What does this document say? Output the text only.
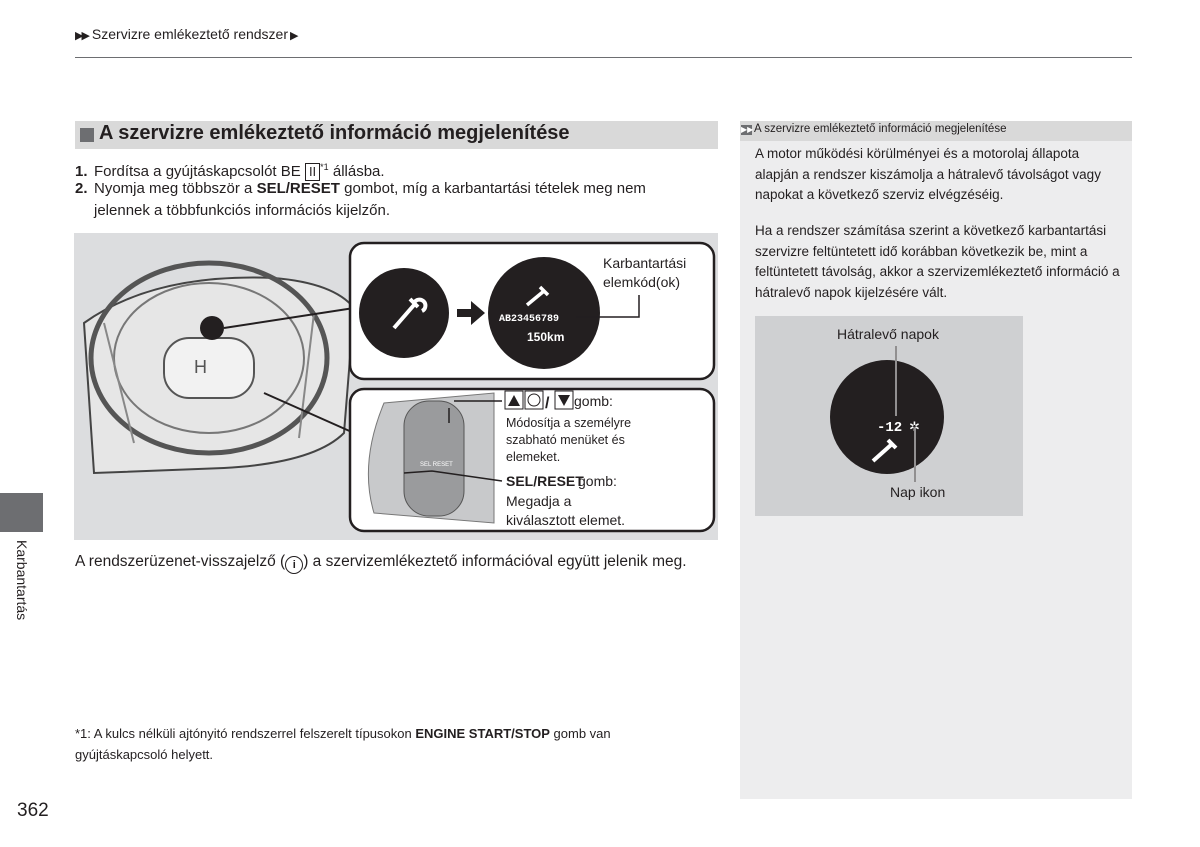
▶▶ Szervizre emlékeztető rendszer ▶
A szervizre emlékeztető információ megjelenítése
1. Fordítsa a gyújtáskapcsolót BE II $^{*1}$ állásba.
2. Nyomja meg többször a SEL/RESET gombot, míg a karbantartási tételek meg nem
jelennek a többfunkciós információs kijelzőn.
H
AB23456789
150km
Karbantartási
elemkód(ok)
SEL RESET
/ gomb:
Módosítja a személyre
szabható menüket és
elemeket.
SEL/RESET
gomb:
Megadja a
kiválasztott elemet.
A rendszerüzenet-visszajelző ( i ) a szervizemlékeztető információval együtt jelenik meg.
*1: A kulcs nélküli ajtónyitó rendszerrel felszerelt típusokon ENGINE START/STOP gomb van
gyújtáskapcsoló helyett.
362
Karbantartás
▶▶ A szervizre emlékeztető információ megjelenítése
A motor működési körülményei és a motorolaj állapota alapján a rendszer kiszámolja a hátralevő távolságot vagy napokat a következő szerviz elvégzéséig.
Ha a rendszer számítása szerint a következő karbantartási szervizre feltüntetett idő korábban következik be, mint a feltüntetett távolság, akkor a szervizemlékeztető információ a hátralevő napok kijelzésére vált.
Hátralevő napok
-12 ✲
Nap ikon
